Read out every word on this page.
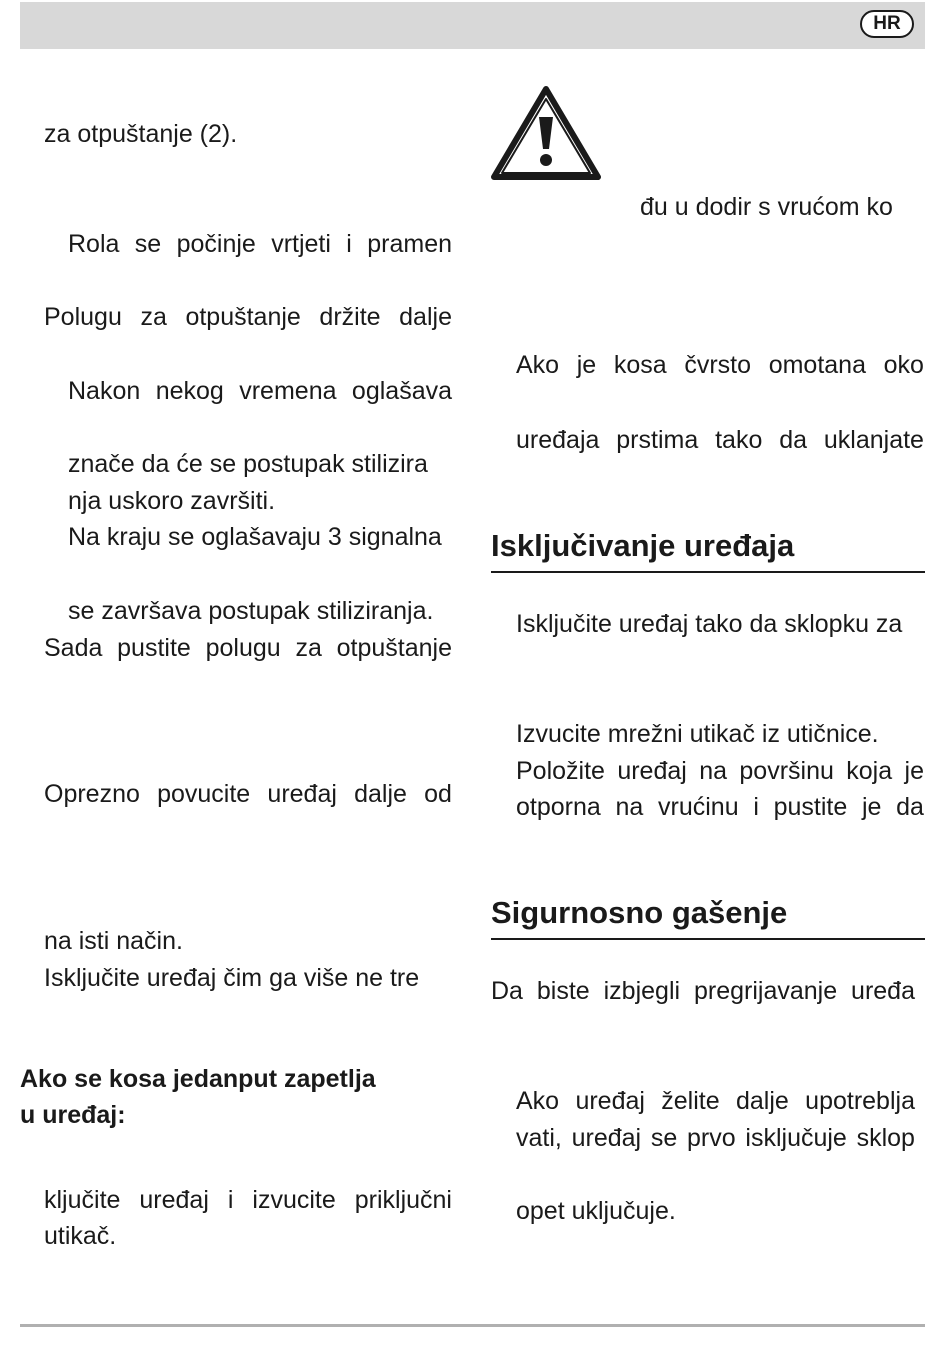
HR
za otpuštanje (2).
Rola se počinje vrtjeti i pramen
Polugu za otpuštanje držite dalje
Nakon nekog vremena oglašava
znače da će se postupak stilizira
nja uskoro završiti.
Na kraju se oglašavaju 3 signalna
se završava postupak stiliziranja.
Sada pustite polugu za otpuštanje
Oprezno povucite uređaj dalje od
na isti način.
Isključite uređaj čim ga više ne tre
Ako se kosa jedanput zapetlja
u uređaj:
ključite uređaj i izvucite priključni
utikač.
đu u dodir s vrućom ko
Ako je kosa čvrsto omotana oko
uređaja prstima tako da uklanjate
Isključivanje uređaja
Isključite uređaj tako da sklopku za
Izvucite mrežni utikač iz utičnice.
Položite uređaj na površinu koja je
otporna na vrućinu i pustite je da
Sigurnosno gašenje
Da biste izbjegli pregrijavanje uređa
Ako uređaj želite dalje upotreblja
vati, uređaj se prvo isključuje sklop
opet uključuje.
